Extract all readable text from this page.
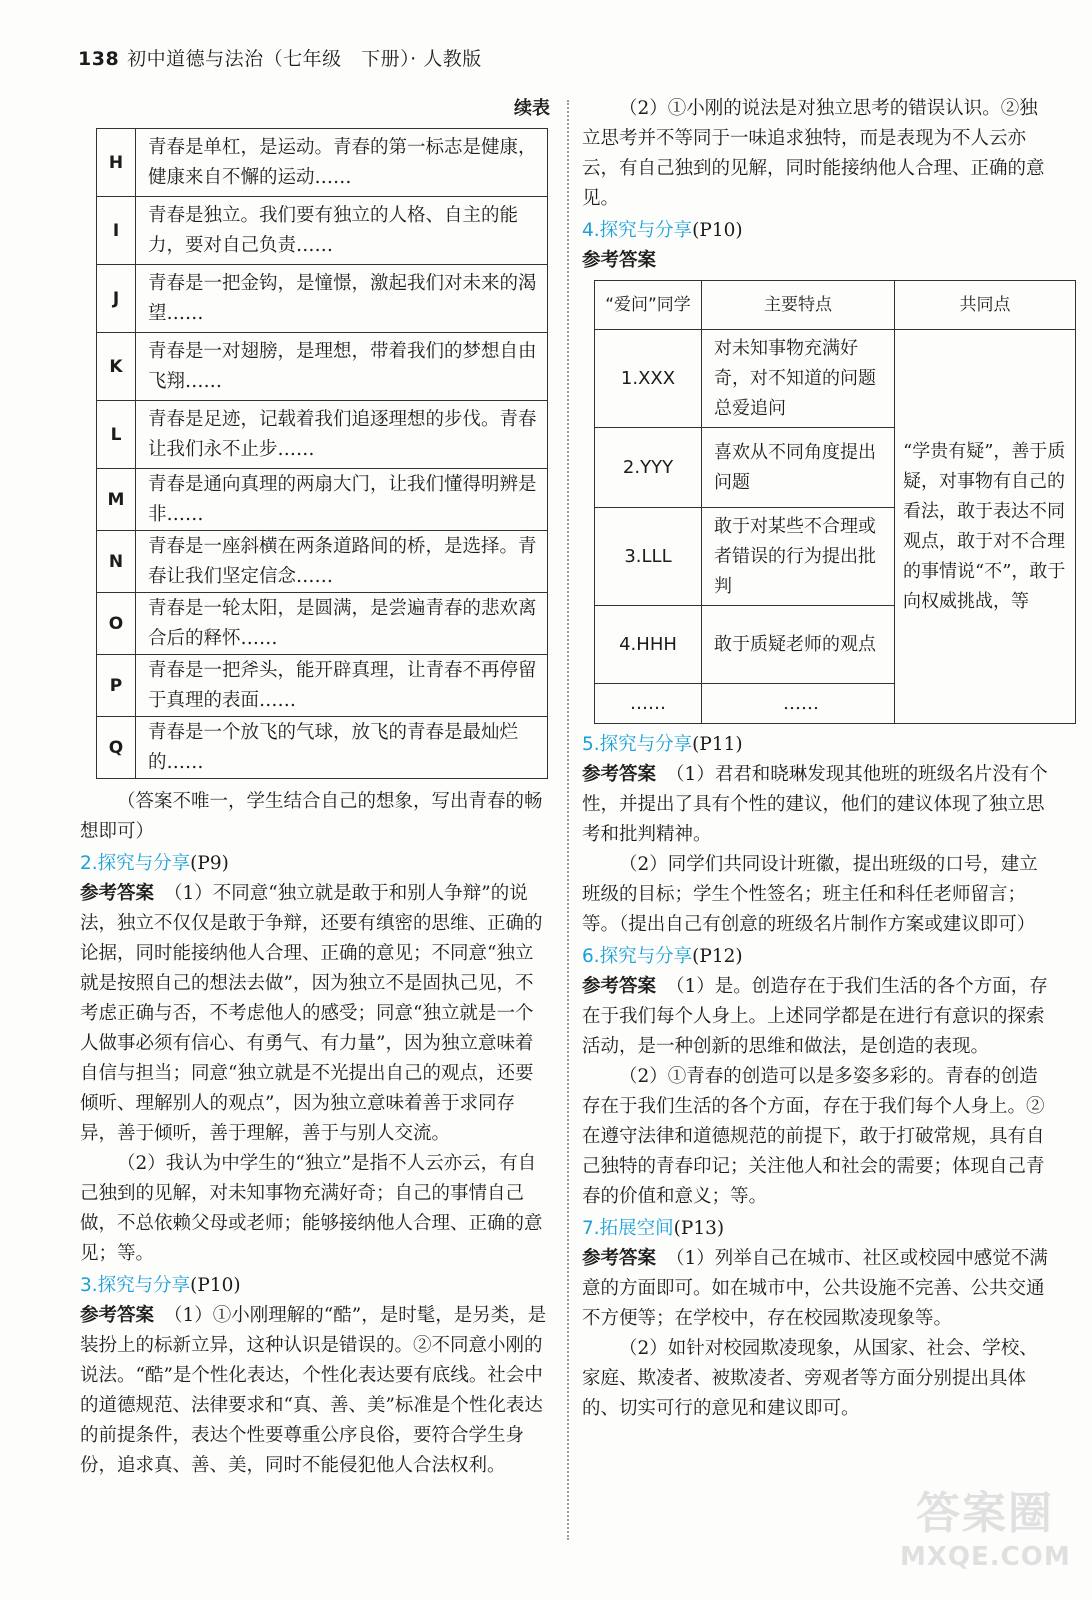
138 初中道德与法治（七年级　下册）· 人教版
续表
H	青春是单杠，是运动。青春的第一标志是健康，健康来自不懈的运动……
I	青春是独立。我们要有独立的人格、自主的能力，要对自己负责……
J	青春是一把金钩，是憧憬，激起我们对未来的渴望……
K	青春是一对翅膀，是理想，带着我们的梦想自由飞翔……
L	青春是足迹，记载着我们追逐理想的步伐。青春让我们永不止步……
M	青春是通向真理的两扇大门，让我们懂得明辨是非……
N	青春是一座斜横在两条道路间的桥，是选择。青春让我们坚定信念……
O	青春是一轮太阳，是圆满，是尝遍青春的悲欢离合后的释怀……
P	青春是一把斧头，能开辟真理，让青春不再停留于真理的表面……
Q	青春是一个放飞的气球，放飞的青春是最灿烂的……

（答案不唯一，学生结合自己的想象，写出青春的畅想即可）

2.探究与分享(P9)

参考答案 （1）不同意“独立就是敢于和别人争辩”的说法，独立不仅仅是敢于争辩，还要有缜密的思维、正确的论据，同时能接纳他人合理、正确的意见；不同意“独立就是按照自己的想法去做”，因为独立不是固执己见，不考虑正确与否，不考虑他人的感受；同意“独立就是一个人做事必须有信心、有勇气、有力量”，因为独立意味着自信与担当；同意“独立就是不光提出自己的观点，还要倾听、理解别人的观点”，因为独立意味着善于求同存异，善于倾听，善于理解，善于与别人交流。

（2）我认为中学生的“独立”是指不人云亦云，有自己独到的见解，对未知事物充满好奇；自己的事情自己做，不总依赖父母或老师；能够接纳他人合理、正确的意见；等。

3.探究与分享(P10)

参考答案 （1）①小刚理解的“酷”，是时髦，是另类，是装扮上的标新立异，这种认识是错误的。②不同意小刚的说法。“酷”是个性化表达，个性化表达要有底线。社会中的道德规范、法律要求和“真、善、美”标准是个性化表达的前提条件，表达个性要尊重公序良俗，要符合学生身份，追求真、善、美，同时不能侵犯他人合法权利。

（2）①小刚的说法是对独立思考的错误认识。②独立思考并不等同于一味追求独特，而是表现为不人云亦云，有自己独到的见解，同时能接纳他人合理、正确的意见。

4.探究与分享(P10)
参考答案
“爱问”同学	主要特点	共同点
1.XXX	对未知事物充满好奇，对不知道的问题总爱追问	“学贵有疑”，善于质疑，对事物有自己的看法，敢于表达不同观点，敢于对不合理的事情说“不”，敢于向权威挑战，等
2.YYY	喜欢从不同角度提出问题	
3.LLL	敢于对某些不合理或者错误的行为提出批判	
4.HHH	敢于质疑老师的观点	
……	……	
5.探究与分享(P11)

参考答案 （1）君君和晓琳发现其他班的班级名片没有个性，并提出了具有个性的建议，他们的建议体现了独立思考和批判精神。

（2）同学们共同设计班徽，提出班级的口号，建立班级的目标；学生个性签名；班主任和科任老师留言；等。（提出自己有创意的班级名片制作方案或建议即可）

6.探究与分享(P12)

参考答案 （1）是。创造存在于我们生活的各个方面，存在于我们每个人身上。上述同学都是在进行有意识的探索活动，是一种创新的思维和做法，是创造的表现。

（2）①青春的创造可以是多姿多彩的。青春的创造存在于我们生活的各个方面，存在于我们每个人身上。②在遵守法律和道德规范的前提下，敢于打破常规，具有自己独特的青春印记；关注他人和社会的需要；体现自己青春的价值和意义；等。

7.拓展空间(P13)

参考答案 （1）列举自己在城市、社区或校园中感觉不满意的方面即可。如在城市中，公共设施不完善、公共交通不方便等；在学校中，存在校园欺凌现象等。

（2）如针对校园欺凌现象，从国家、社会、学校、家庭、欺凌者、被欺凌者、旁观者等方面分别提出具体的、切实可行的意见和建议即可。

答案圈
MXQE.COM
